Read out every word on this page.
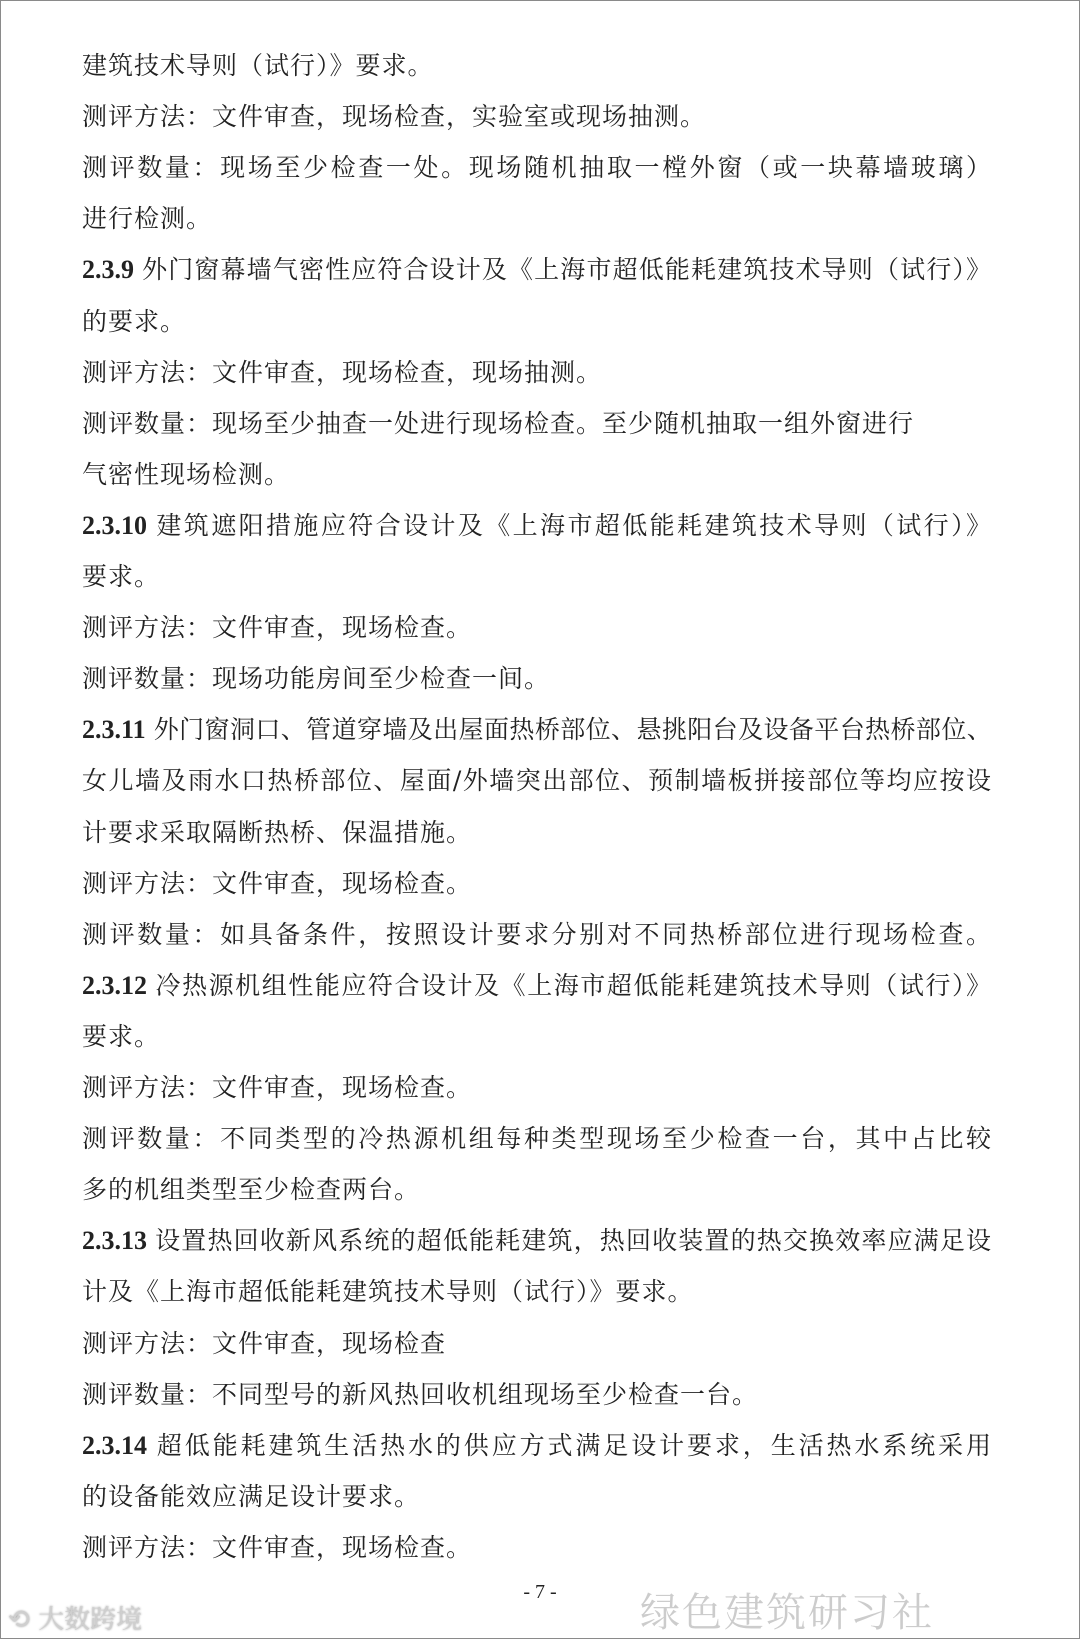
建筑技术导则（试行）》要求。
测评方法：文件审查，现场检查，实验室或现场抽测。
测评数量：现场至少检查一处。现场随机抽取一樘外窗（或一块幕墙玻璃）
进行检测。
2.3.9 外门窗幕墙气密性应符合设计及《上海市超低能耗建筑技术导则（试行）》
的要求。
测评方法：文件审查，现场检查，现场抽测。
测评数量：现场至少抽查一处进行现场检查。至少随机抽取一组外窗进行
气密性现场检测。
2.3.10 建筑遮阳措施应符合设计及《上海市超低能耗建筑技术导则（试行）》
要求。
测评方法：文件审查，现场检查。
测评数量：现场功能房间至少检查一间。
2.3.11 外门窗洞口、管道穿墙及出屋面热桥部位、悬挑阳台及设备平台热桥部位、
女儿墙及雨水口热桥部位、屋面/外墙突出部位、预制墙板拼接部位等均应按设
计要求采取隔断热桥、保温措施。
测评方法：文件审查，现场检查。
测评数量：如具备条件，按照设计要求分别对不同热桥部位进行现场检查。
2.3.12 冷热源机组性能应符合设计及《上海市超低能耗建筑技术导则（试行）》
要求。
测评方法：文件审查，现场检查。
测评数量：不同类型的冷热源机组每种类型现场至少检查一台，其中占比较
多的机组类型至少检查两台。
2.3.13 设置热回收新风系统的超低能耗建筑，热回收装置的热交换效率应满足设
计及《上海市超低能耗建筑技术导则（试行）》要求。
测评方法：文件审查，现场检查
测评数量：不同型号的新风热回收机组现场至少检查一台。
2.3.14 超低能耗建筑生活热水的供应方式满足设计要求，生活热水系统采用
的设备能效应满足设计要求。
测评方法：文件审查，现场检查。
- 7 -	绿色建筑研习社
⟲ 大数跨境
